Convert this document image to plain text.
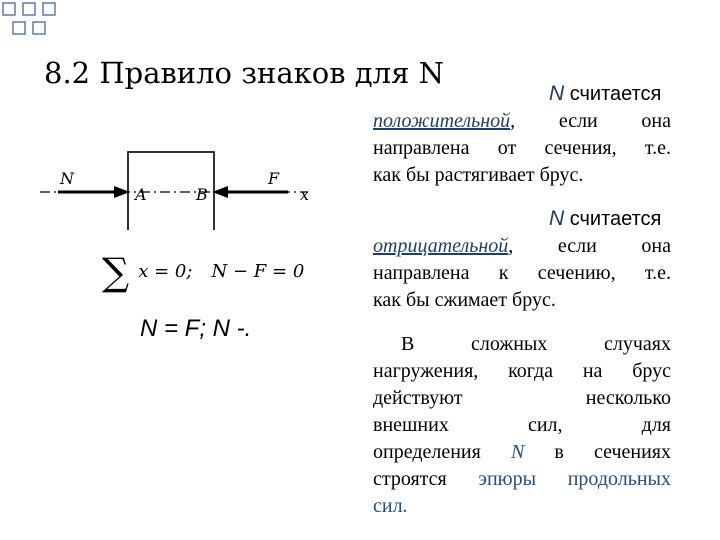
8.2 Правило знаков для N
N
A	B
F
x
∑ x = 0; N − F = 0
N = F; N -.
N считается
положительной, если она
направлена от сечения, т.е.
как бы растягивает брус.
N считается
отрицательной, если она
направлена к сечению, т.е.
как бы сжимает брус.
В сложных случаях
нагружения, когда на брус
действуют несколько
внешних сил, для
определения N в сечениях
строятся эпюры продольных
сил.
